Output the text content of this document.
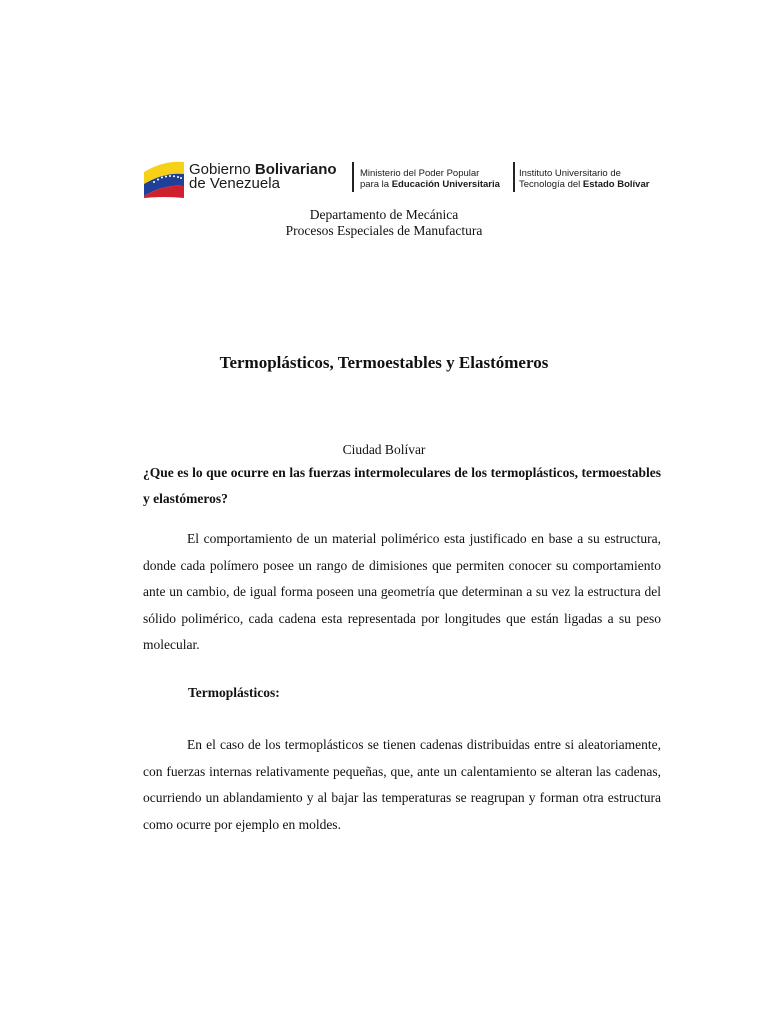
Gobierno Bolivariano
de Venezuela
Ministerio del Poder Popular
para la Educación Universitaria
Instituto Universitario de
Tecnología del Estado Bolívar
Departamento de Mecánica
Procesos Especiales de Manufactura
Termoplásticos, Termoestables y Elastómeros
Ciudad Bolívar
¿Que es lo que ocurre en las fuerzas intermoleculares de los termoplásticos, termoestables y elastómeros?
El comportamiento de un material polimérico esta justificado en base a su estructura, donde cada polímero posee un rango de dimisiones que permiten conocer su comportamiento ante un cambio, de igual forma poseen una geometría que determinan a su vez la estructura del sólido polimérico, cada cadena esta representada por longitudes que están ligadas a su peso molecular.
Termoplásticos:
En el caso de los termoplásticos se tienen cadenas distribuidas entre si aleatoriamente, con fuerzas internas relativamente pequeñas, que, ante un calentamiento se alteran las cadenas, ocurriendo un ablandamiento y al bajar las temperaturas se reagrupan y forman otra estructura como ocurre por ejemplo en moldes.
